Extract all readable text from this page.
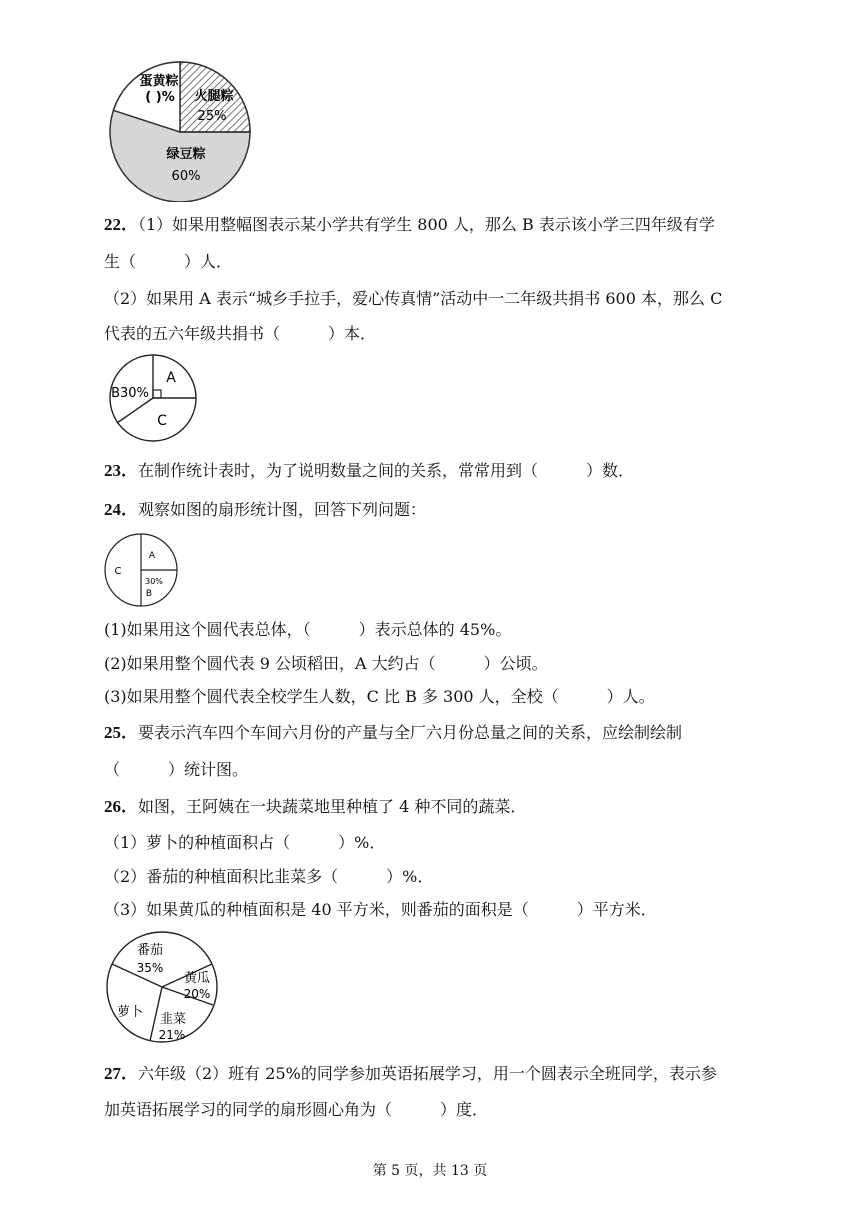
蛋黄粽
( )% 火腿粽
25%
绿豆粽
60%
22．（1）如果用整幅图表示某小学共有学生 800 人，那么 B 表示该小学三四年级有学
生（　　　）人．
（2）如果用 A 表示“城乡手拉手，爱心传真情”活动中一二年级共捐书 600 本，那么 C
代表的五六年级共捐书（　　　）本．
B30%
A
C
23．在制作统计表时，为了说明数量之间的关系，常常用到（　　　）数．
24．观察如图的扇形统计图，回答下列问题：
A
C
30%
B
(1)如果用这个圆代表总体，（　　　）表示总体的 45%。
(2)如果用整个圆代表 9 公顷稻田，A 大约占（　　　）公顷。
(3)如果用整个圆代表全校学生人数，C 比 B 多 300 人，全校（　　　）人。
25．要表示汽车四个车间六月份的产量与全厂六月份总量之间的关系，应绘制绘制
（　　　）统计图。
26．如图，王阿姨在一块蔬菜地里种植了 4 种不同的蔬菜．
（1）萝卜的种植面积占（　　　）%．
（2）番茄的种植面积比韭菜多（　　　）%．
（3）如果黄瓜的种植面积是 40 平方米，则番茄的面积是（　　　）平方米．
番茄
35%
黄瓜
20%
萝卜 韭菜
21%
27．六年级（2）班有 25%的同学参加英语拓展学习，用一个圆表示全班同学，表示参
加英语拓展学习的同学的扇形圆心角为（　　　）度．
第 5 页，共 13 页
